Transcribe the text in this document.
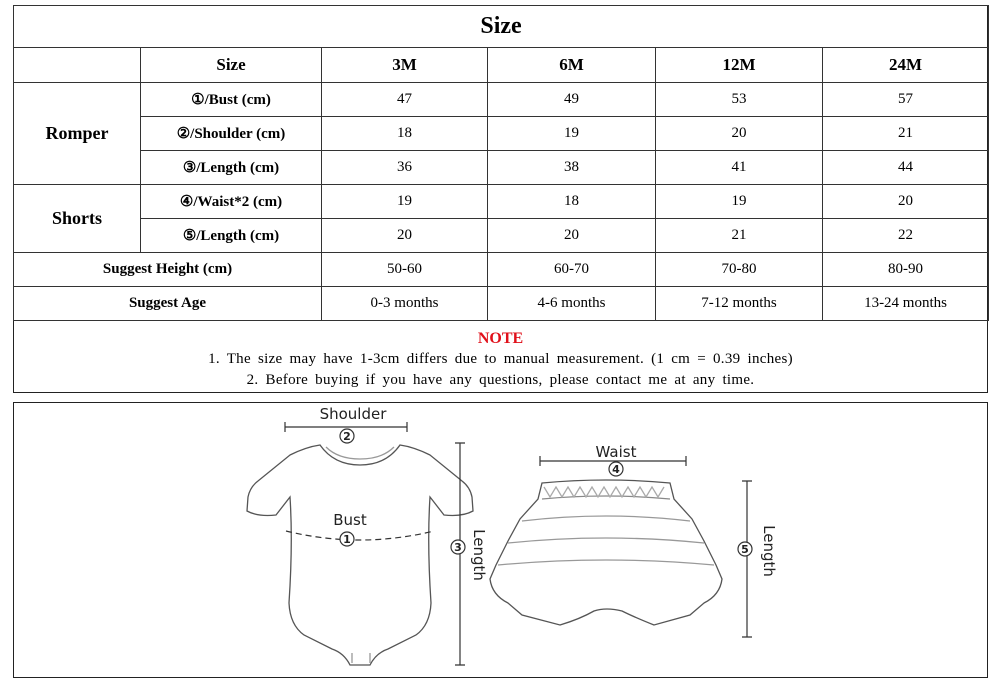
Size					
	Size	3M	6M	12M	24M
Romper	①/Bust (cm)	47	49	53	57
	②/Shoulder (cm)	18	19	20	21
	③/Length (cm)	36	38	41	44
Shorts	④/Waist*2 (cm)	19	18	19	20
	⑤/Length (cm)	20	20	21	22
Suggest Height (cm)		50-60	60-70	70-80	80-90
Suggest Age		0-3 months	4-6 months	7-12 months	13-24 months
NOTE
1. The size may have 1-3cm differs due to manual measurement. (1 cm = 0.39 inches)
2. Before buying if you have any questions, please contact me at any time.
Shoulder
2
Bust
1
3 Length
Waist
4
5 Length
